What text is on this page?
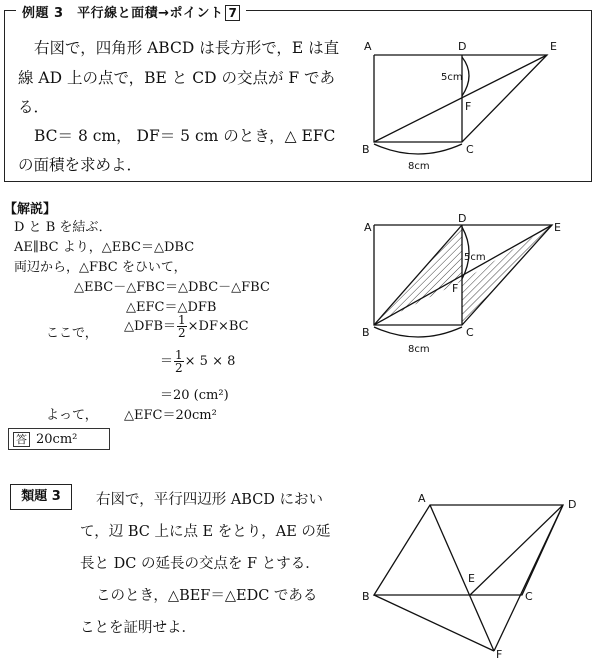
例題 3　平行線と面積→ポイント 7
右図で，四角形 ABCD は長方形で，E は直
線 AD 上の点で，BE と CD の交点が F であ
る．
BC＝ 8 cm， DF＝ 5 cm のとき，△ EFC
の面積を求めよ．
A	D	E
F
B	C
5cm
8cm
【解説】
D と B を結ぶ．
AE∥BC より，△EBC＝△DBC
両辺から，△FBC をひいて，
△EBC－△FBC＝△DBC－△FBC
△EFC＝△DFB
ここで， △DFB＝ $\frac{1}{2} \times DF\times BC$
＝ $\frac{1}{2} \times 5 \times 8$
＝20 (cm²)
よって， △EFC＝20cm²
答 20cm²
A
D
E
F
B	C
5cm
8cm
類題 3	右図で，平行四辺形 ABCD におい
て，辺 BC 上に点 E をとり，AE の延
長と DC の延長の交点を F とする．
このとき，△BEF＝△EDC である
ことを証明せよ．
A	D
E
B	C
F
